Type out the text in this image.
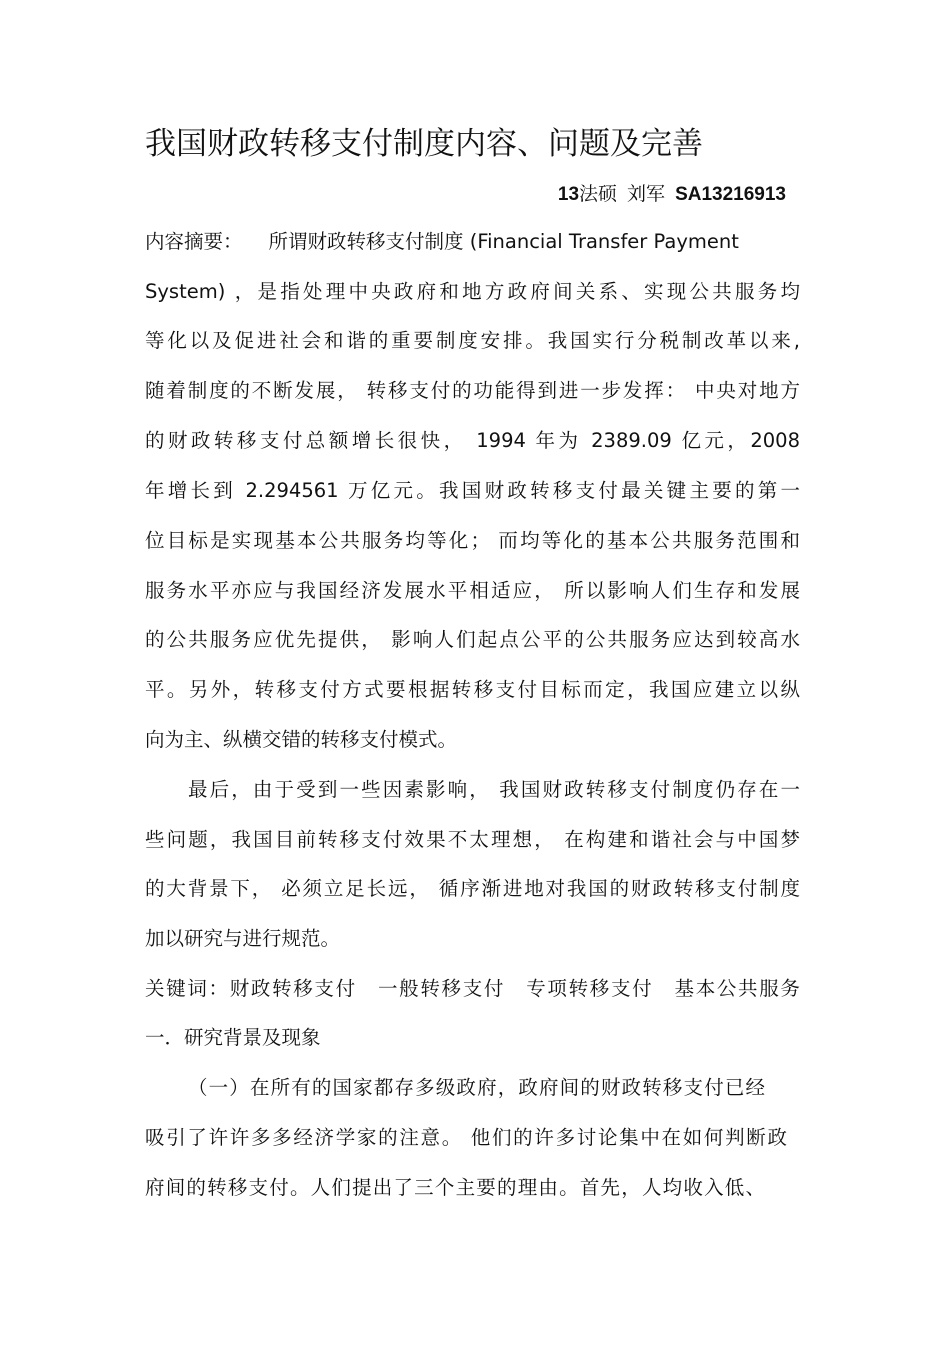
我国财政转移支付制度内容、问题及完善
13法硕 刘军 SA13216913
内容摘要： 所谓财政转移支付制度 (Financial Transfer Payment
System) ，是指处理中央政府和地方政府间关系、实现公共服务均
等化以及促进社会和谐的重要制度安排。我国实行分税制改革以来,
随着制度的不断发展， 转移支付的功能得到进一步发挥： 中央对地方
的财政转移支付总额增长很快， 1994 年为 2389.09 亿元，2008
年增长到 2.294561 万亿元。我国财政转移支付最关键主要的第一
位目标是实现基本公共服务均等化； 而均等化的基本公共服务范围和
服务水平亦应与我国经济发展水平相适应， 所以影响人们生存和发展
的公共服务应优先提供， 影响人们起点公平的公共服务应达到较高水
平。另外，转移支付方式要根据转移支付目标而定，我国应建立以纵
向为主、纵横交错的转移支付模式。
最后，由于受到一些因素影响， 我国财政转移支付制度仍存在一
些问题，我国目前转移支付效果不太理想， 在构建和谐社会与中国梦
的大背景下， 必须立足长远， 循序渐进地对我国的财政转移支付制度
加以研究与进行规范。
关键词：财政转移支付　 一般转移支付　 专项转移支付　 基本公共服务
一．研究背景及现象
（一）在所有的国家都存多级政府，政府间的财政转移支付已经
吸引了许许多多经济学家的注意。 他们的许多讨论集中在如何判断政
府间的转移支付。人们提出了三个主要的理由。首先，人均收入低、
